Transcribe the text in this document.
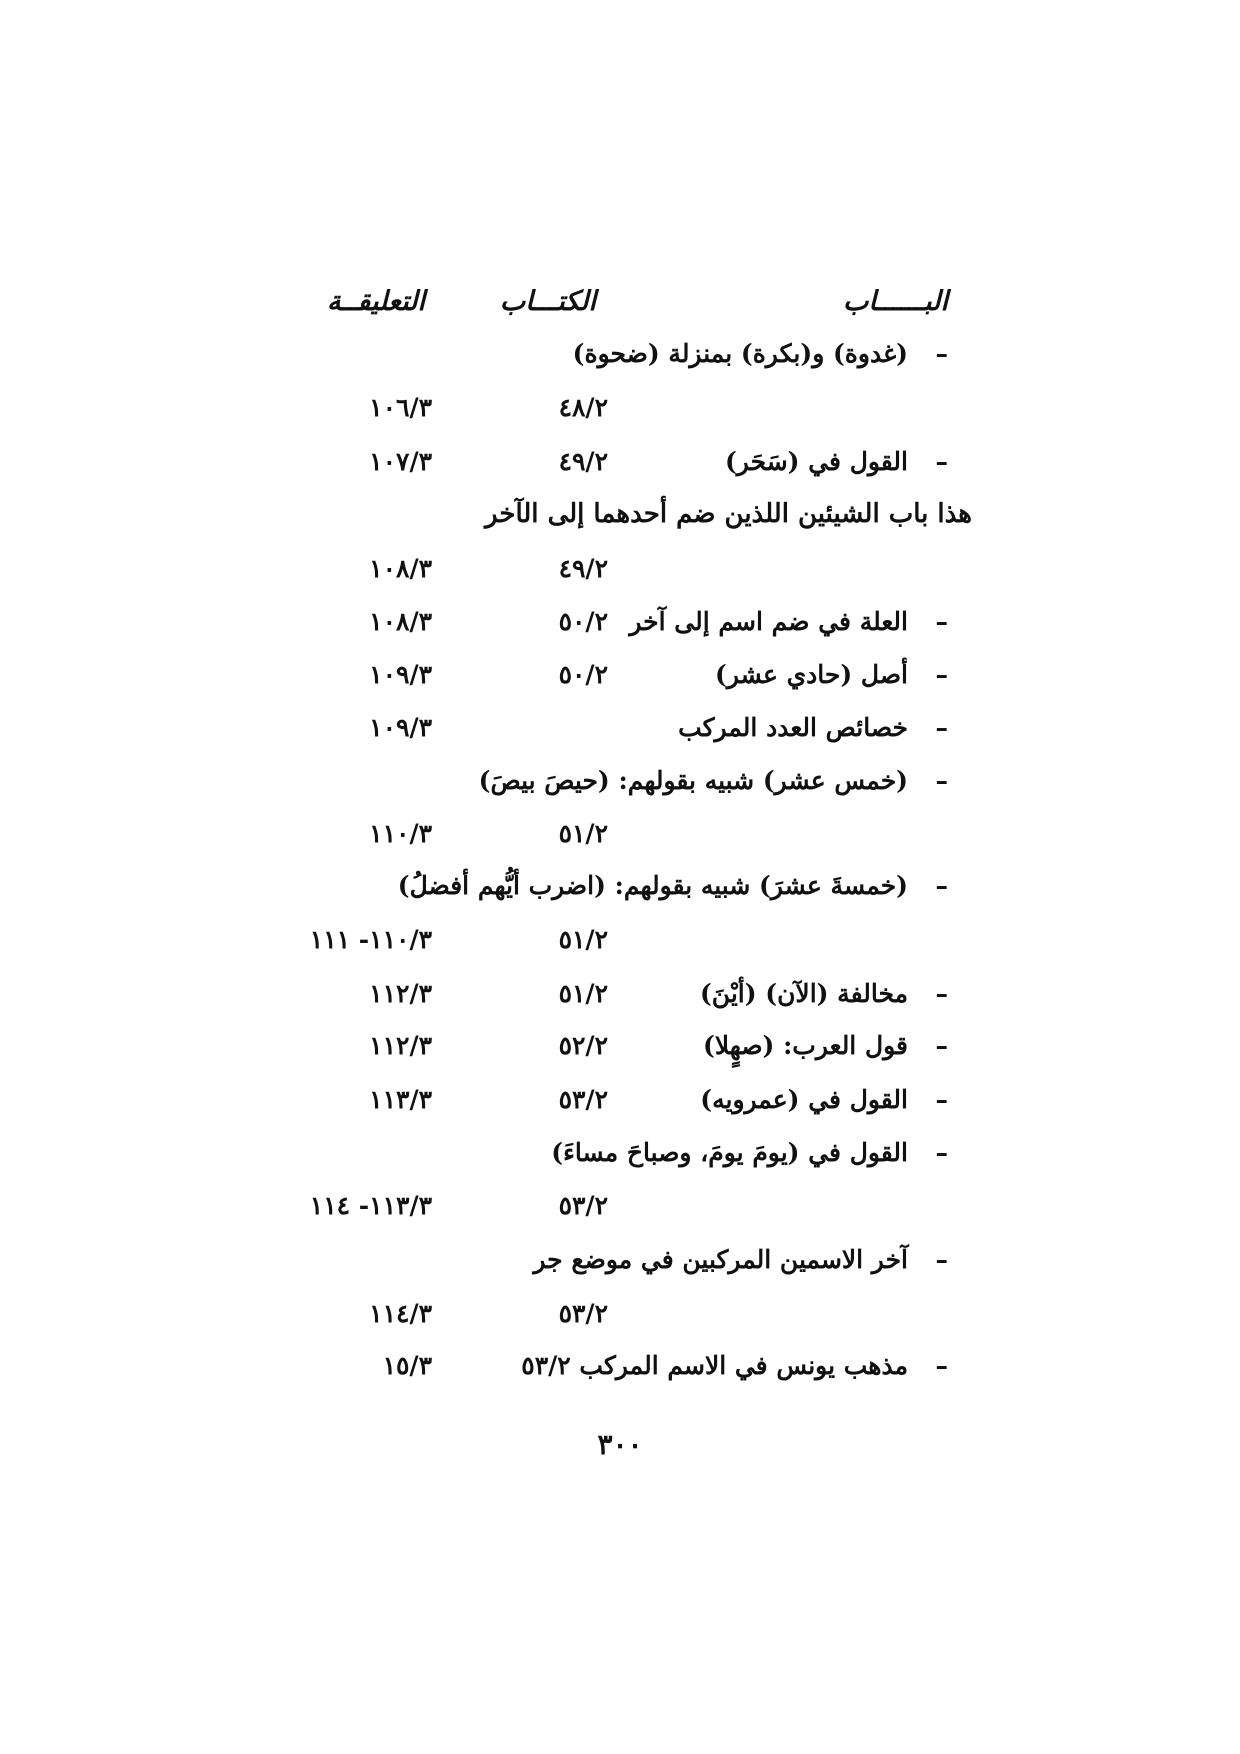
البــــــاب
الكتـــاب
التعليقــة
–(غدوة) و(بكرة) بمنزلة (ضحوة)
٤٨/٢
١٠٦/٣
–القول في (سَحَر)
٤٩/٢
١٠٧/٣
هذا باب الشيئين اللذين ضم أحدهما إلى الآخر
٤٩/٢
١٠٨/٣
–العلة في ضم اسم إلى آخر
٥٠/٢
١٠٨/٣
–أصل (حادي عشر)
٥٠/٢
١٠٩/٣
–خصائص العدد المركب
١٠٩/٣
–(خمس عشر) شبيه بقولهم: (حيصَ بيصَ)
٥١/٢
١١٠/٣
–(خمسةَ عشرَ) شبيه بقولهم: (اضرب أيُّهم أفضلُ)
٥١/٢
١١٠/٣- ١١١
–مخالفة (الآن) (أيْنَ)
٥١/٢
١١٢/٣
–قول العرب: (صهٍلا)
٥٢/٢
١١٢/٣
–القول في (عمرويه)
٥٣/٢
١١٣/٣
–القول في (يومَ يومَ، وصباحَ مساءَ)
٥٣/٢
١١٣/٣- ١١٤
–آخر الاسمين المركبين في موضع جر
٥٣/٢
١١٤/٣
–مذهب يونس في الاسم المركب ٥٣/٢
١٥/٣
٣٠٠
